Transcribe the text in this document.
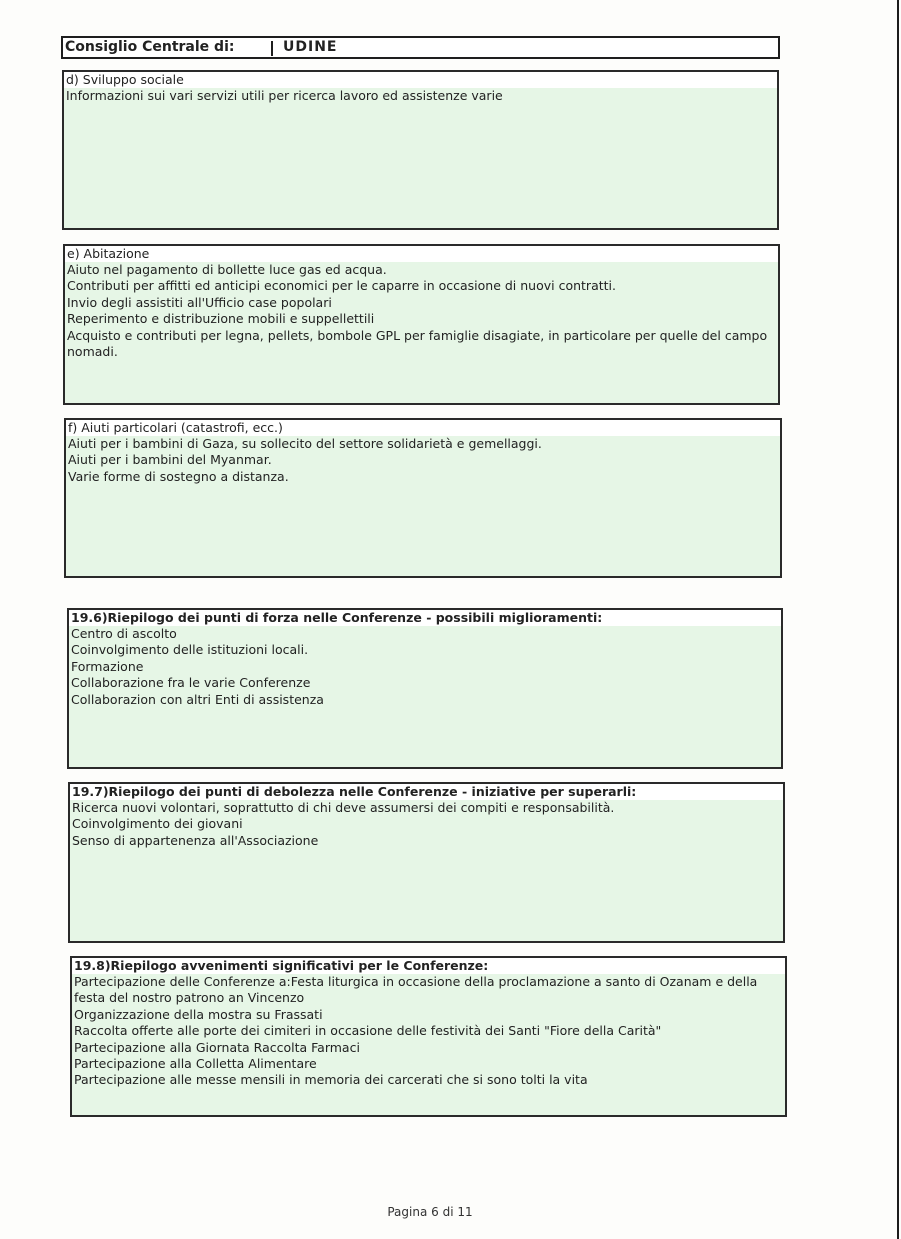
Consiglio Centrale di:	UDINE
d) Sviluppo sociale
Informazioni sui vari servizi utili per ricerca lavoro ed assistenze varie
e) Abitazione
Aiuto nel pagamento di bollette luce gas ed acqua.
Contributi per affitti ed anticipi economici per le caparre in occasione di nuovi contratti.
Invio degli assistiti all'Ufficio case popolari
Reperimento e distribuzione mobili e suppellettili
Acquisto e contributi per legna, pellets, bombole GPL per famiglie disagiate, in particolare per quelle del campo
nomadi.
f) Aiuti particolari (catastrofi, ecc.)
Aiuti per i bambini di Gaza, su sollecito del settore solidarietà e gemellaggi.
Aiuti per i bambini del Myanmar.
Varie forme di sostegno a distanza.
19.6)Riepilogo dei punti di forza nelle Conferenze - possibili miglioramenti:
Centro di ascolto
Coinvolgimento delle istituzioni locali.
Formazione
Collaborazione fra le varie Conferenze
Collaborazion con altri Enti di assistenza
19.7)Riepilogo dei punti di debolezza nelle Conferenze - iniziative per superarli:
Ricerca nuovi volontari, soprattutto di chi deve assumersi dei compiti e responsabilità.
Coinvolgimento dei giovani
Senso di appartenenza all'Associazione
19.8)Riepilogo avvenimenti significativi per le Conferenze:
Partecipazione delle Conferenze a:Festa liturgica in occasione della proclamazione a santo di Ozanam e della
festa del nostro patrono an Vincenzo
Organizzazione della mostra su Frassati
Raccolta offerte alle porte dei cimiteri in occasione delle festività dei Santi "Fiore della Carità"
Partecipazione alla Giornata Raccolta Farmaci
Partecipazione alla Colletta Alimentare
Partecipazione alle messe mensili in memoria dei carcerati che si sono tolti la vita
Pagina 6 di 11
